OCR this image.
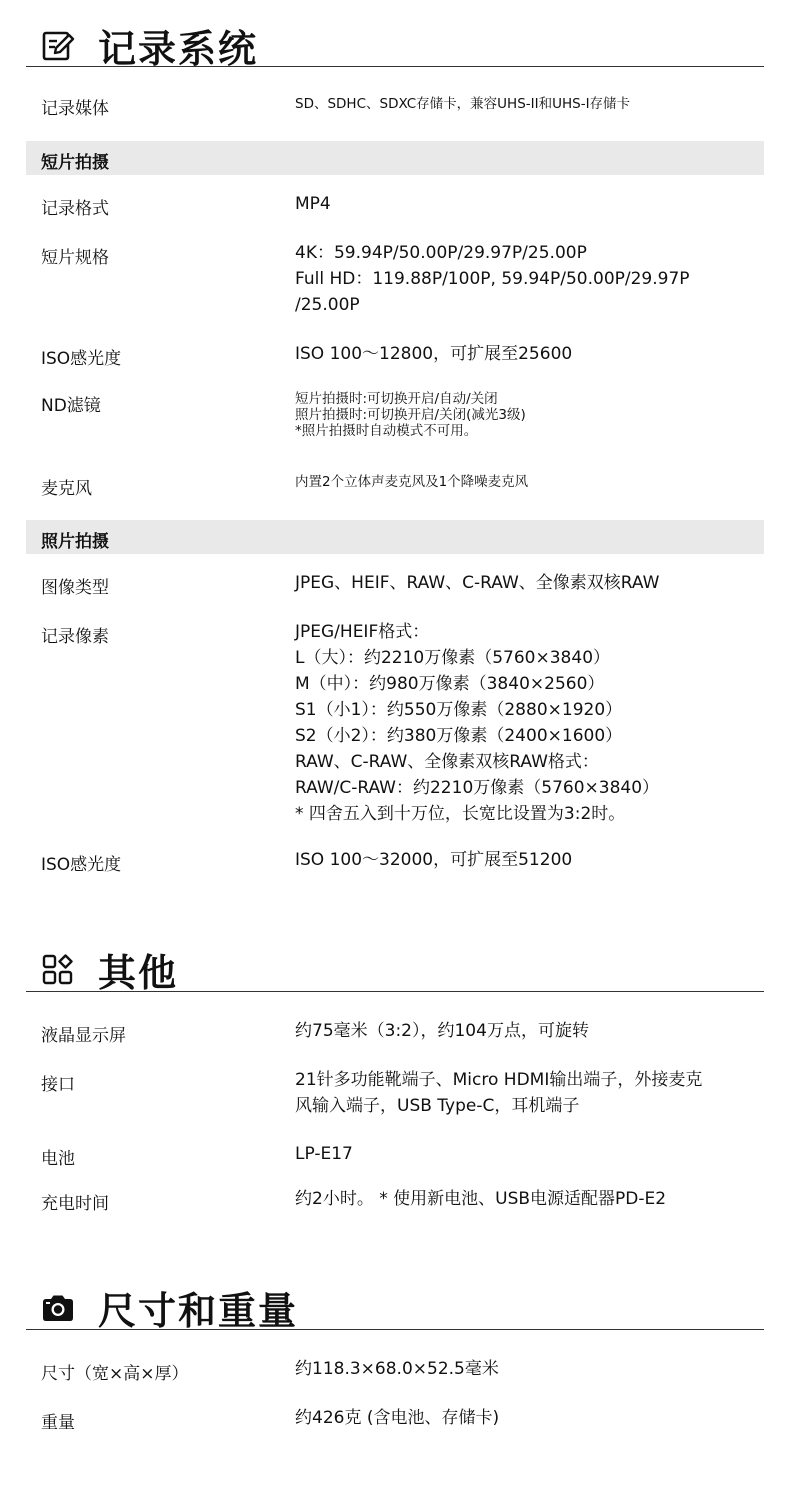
记录系统
记录媒体	SD、SDHC、SDXC存储卡，兼容UHS-II和UHS-I存储卡
短片拍摄
记录格式	MP4
短片规格	4K：59.94P/50.00P/29.97P/25.00P
Full HD：119.88P/100P, 59.94P/50.00P/29.97P
/25.00P
ISO感光度	ISO 100～12800，可扩展至25600
ND滤镜	短片拍摄时:可切换开启/自动/关闭
照片拍摄时:可切换开启/关闭(减光3级)
*照片拍摄时自动模式不可用。
麦克风	内置2个立体声麦克风及1个降噪麦克风
照片拍摄
图像类型	JPEG、HEIF、RAW、C-RAW、全像素双核RAW
记录像素	JPEG/HEIF格式：
L（大）：约2210万像素（5760×3840）
M（中）：约980万像素（3840×2560）
S1（小1）：约550万像素（2880×1920）
S2（小2）：约380万像素（2400×1600）
RAW、C-RAW、全像素双核RAW格式：
RAW/C-RAW：约2210万像素（5760×3840）
* 四舍五入到十万位，长宽比设置为3:2时。
ISO感光度	ISO 100～32000，可扩展至51200
其他
液晶显示屏	约75毫米（3:2），约104万点，可旋转
接口	21针多功能靴端子、Micro HDMI输出端子，外接麦克
风输入端子，USB Type-C，耳机端子
电池	LP-E17
充电时间	约2小时。 * 使用新电池、USB电源适配器PD-E2
尺寸和重量
尺寸（宽×高×厚）	约118.3×68.0×52.5毫米
重量	约426克 (含电池、存储卡)
